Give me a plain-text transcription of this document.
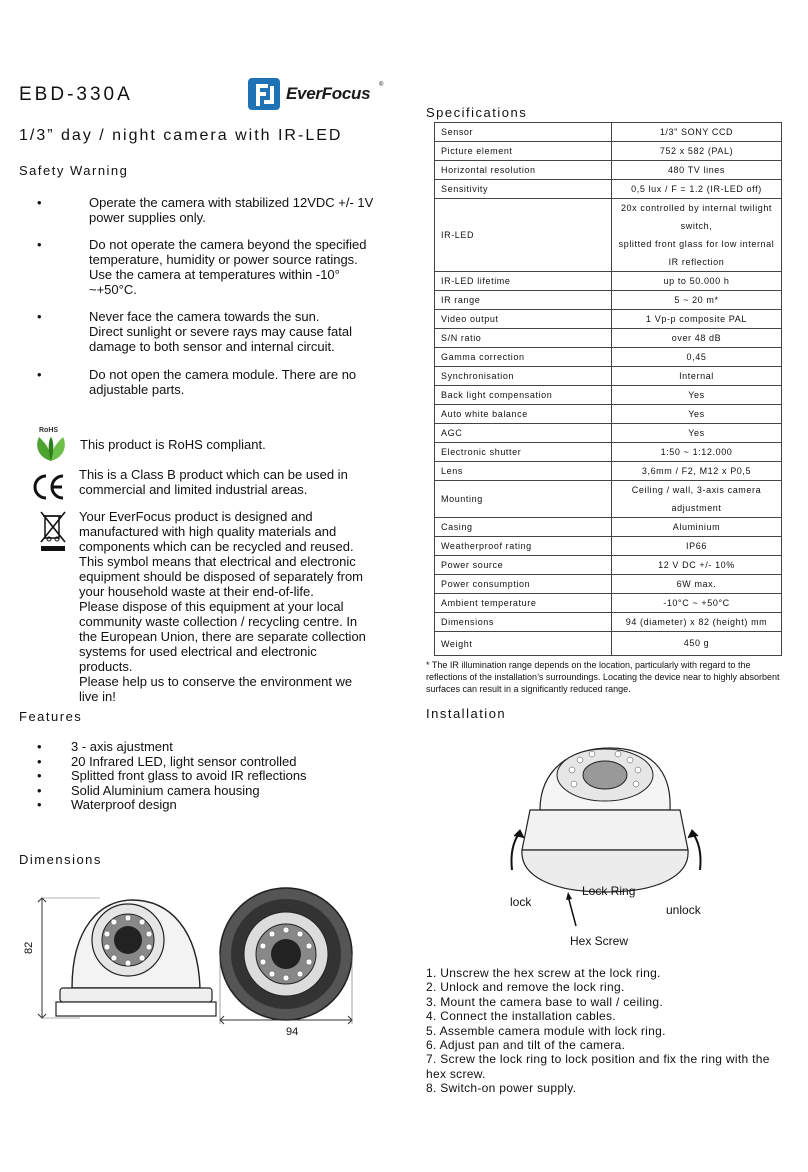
EBD-330A	EverFocus ®
1/3” day / night camera with IR-LED
Safety Warning
•	Operate the camera with stabilized 12VDC +/- 1V
power supplies only.
•	Do not operate the camera beyond the specified
temperature, humidity or power source ratings.
Use the camera at temperatures within -10°
~+50°C.
•	Never face the camera towards the sun.
Direct sunlight or severe rays may cause fatal
damage to both sensor and internal circuit.
•	Do not open the camera module. There are no
adjustable parts.
RoHS
This product is RoHS compliant.
This is a Class B product which can be used in
commercial and limited industrial areas.
Your EverFocus product is designed and
manufactured with high quality materials and
components which can be recycled and reused.
This symbol means that electrical and electronic
equipment should be disposed of separately from
your household waste at their end-of-life.
Please dispose of this equipment at your local
community waste collection / recycling centre. In
the European Union, there are separate collection
systems for used electrical and electronic
products.
Please help us to conserve the environment we
live in!
Features
• 3 - axis ajustment
• 20 Infrared LED, light sensor controlled
• Splitted front glass to avoid IR reflections
• Solid Aluminium camera housing
• Waterproof design
Dimensions
82
94
Specifications
Sensor	1/3" SONY CCD

Picture element	752 x 582 (PAL)

Horizontal resolution	480 TV lines

Sensitivity	0,5 lux / F = 1.2 (IR-LED off)

IR-LED	20x controlled by internal twilight switch,
splitted front glass for low internal IR reflection

IR-LED lifetime	up to 50.000 h

IR range	5 ~ 20 m*

Video output	1 Vp-p composite PAL

S/N ratio	over 48 dB

Gamma correction	0,45

Synchronisation	Internal

Back light compensation	Yes

Auto white balance	Yes

AGC	Yes

Electronic shutter	1:50 ~ 1:12.000

Lens	3,6mm / F2, M12 x P0,5

Mounting	Ceiling / wall, 3-axis camera adjustment

Casing	Aluminium

Weatherproof rating	IP66

Power source	12 V DC +/- 10%

Power consumption	6W max.

Ambient temperature	-10°C ~ +50°C

Dimensions	94 (diameter) x 82 (height) mm

Weight	450 g
* The IR illumination range depends on the location, particularly with regard to the reflections of the installation’s surroundings. Locating the device near to highly absorbent surfaces can result in a significantly reduced range.
Installation
lock
unlock
Lock Ring
Hex Screw
1. Unscrew the hex screw at the lock ring.
2. Unlock and remove the lock ring.
3. Mount the camera base to wall / ceiling.
4. Connect the installation cables.
5. Assemble camera module with lock ring.
6. Adjust pan and tilt of the camera.
7. Screw the lock ring to lock position and fix the ring with the hex screw.
8. Switch-on power supply.
